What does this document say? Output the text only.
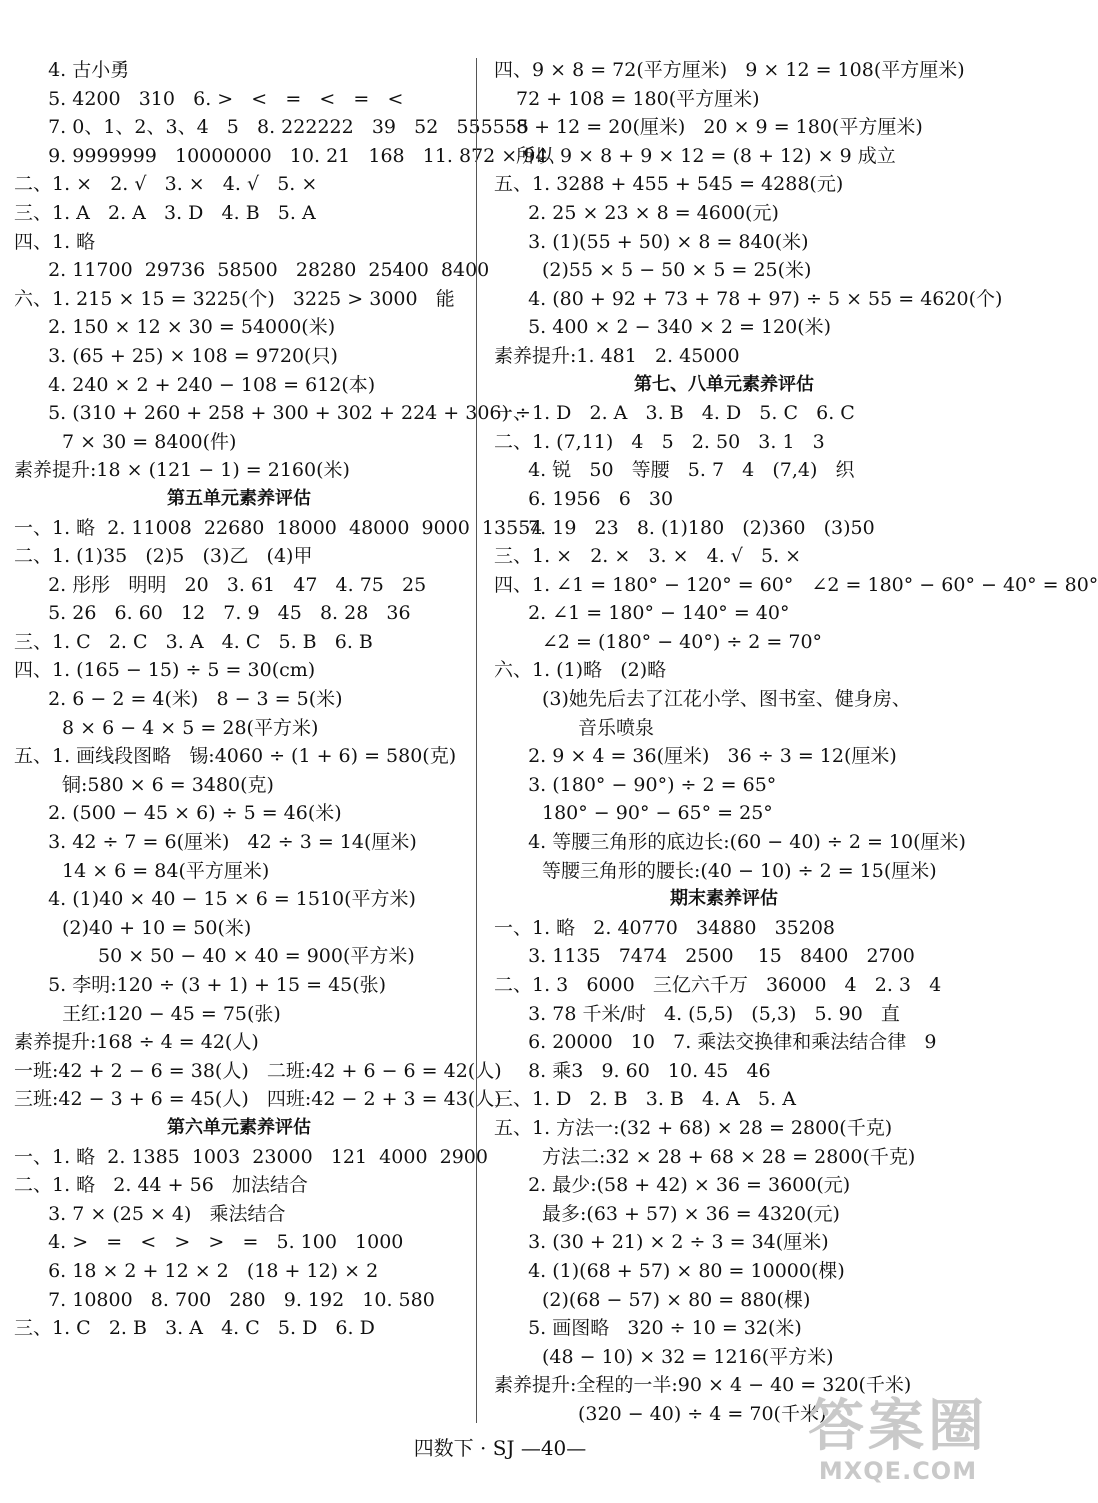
4. 古小勇
5. 4200   310   6. >   <   =   <   =   <
7. 0、1、2、3、4   5   8. 222222   39   52   555555
9. 9999999   10000000   10. 21   168   11. 872 × 94
二、1. ×   2. √   3. ×   4. √   5. ×
三、1. A   2. A   3. D   4. B   5. A
四、1. 略
2. 11700  29736  58500   28280  25400  8400
六、1. 215 × 15 = 3225(个)   3225 > 3000   能
2. 150 × 12 × 30 = 54000(米)
3. (65 + 25) × 108 = 9720(只)
4. 240 × 2 + 240 − 108 = 612(本)
5. (310 + 260 + 258 + 300 + 302 + 224 + 306) ÷
7 × 30 = 8400(件)
素养提升:18 × (121 − 1) = 2160(米)
第五单元素养评估
一、1. 略  2. 11008  22680  18000  48000  9000  13554
二、1. (1)35   (2)5   (3)乙   (4)甲
2. 彤彤   明明   20   3. 61   47   4. 75   25
5. 26   6. 60   12   7. 9   45   8. 28   36
三、1. C   2. C   3. A   4. C   5. B   6. B
四、1. (165 − 15) ÷ 5 = 30(cm)
2. 6 − 2 = 4(米)   8 − 3 = 5(米)
8 × 6 − 4 × 5 = 28(平方米)
五、1. 画线段图略   锡:4060 ÷ (1 + 6) = 580(克)
铜:580 × 6 = 3480(克)
2. (500 − 45 × 6) ÷ 5 = 46(米)
3. 42 ÷ 7 = 6(厘米)   42 ÷ 3 = 14(厘米)
14 × 6 = 84(平方厘米)
4. (1)40 × 40 − 15 × 6 = 1510(平方米)
(2)40 + 10 = 50(米)
50 × 50 − 40 × 40 = 900(平方米)
5. 李明:120 ÷ (3 + 1) + 15 = 45(张)
王红:120 − 45 = 75(张)
素养提升:168 ÷ 4 = 42(人)
一班:42 + 2 − 6 = 38(人)   二班:42 + 6 − 6 = 42(人)
三班:42 − 3 + 6 = 45(人)   四班:42 − 2 + 3 = 43(人)
第六单元素养评估
一、1. 略  2. 1385  1003  23000   121  4000  2900
二、1. 略   2. 44 + 56   加法结合
3. 7 × (25 × 4)   乘法结合
4. >   =   <   >   >   =   5. 100   1000
6. 18 × 2 + 12 × 2   (18 + 12) × 2
7. 10800   8. 700   280   9. 192   10. 580
三、1. C   2. B   3. A   4. C   5. D   6. D
四、9 × 8 = 72(平方厘米)   9 × 12 = 108(平方厘米)
72 + 108 = 180(平方厘米)
8 + 12 = 20(厘米)   20 × 9 = 180(平方厘米)
所以 9 × 8 + 9 × 12 = (8 + 12) × 9 成立
五、1. 3288 + 455 + 545 = 4288(元)
2. 25 × 23 × 8 = 4600(元)
3. (1)(55 + 50) × 8 = 840(米)
(2)55 × 5 − 50 × 5 = 25(米)
4. (80 + 92 + 73 + 78 + 97) ÷ 5 × 55 = 4620(个)
5. 400 × 2 − 340 × 2 = 120(米)
素养提升:1. 481   2. 45000
第七、八单元素养评估
一、1. D   2. A   3. B   4. D   5. C   6. C
二、1. (7,11)   4   5   2. 50   3. 1   3
4. 锐   50   等腰   5. 7   4   (7,4)   织
6. 1956   6   30
7. 19   23   8. (1)180   (2)360   (3)50
三、1. ×   2. ×   3. ×   4. √   5. ×
四、1. ∠1 = 180° − 120° = 60°   ∠2 = 180° − 60° − 40° = 80°
2. ∠1 = 180° − 140° = 40°
∠2 = (180° − 40°) ÷ 2 = 70°
六、1. (1)略   (2)略
(3)她先后去了江花小学、图书室、健身房、
音乐喷泉
2. 9 × 4 = 36(厘米)   36 ÷ 3 = 12(厘米)
3. (180° − 90°) ÷ 2 = 65°
180° − 90° − 65° = 25°
4. 等腰三角形的底边长:(60 − 40) ÷ 2 = 10(厘米)
等腰三角形的腰长:(40 − 10) ÷ 2 = 15(厘米)
期末素养评估
一、1. 略   2. 40770   34880   35208
3. 1135   7474   2500    15   8400   2700
二、1. 3   6000   三亿六千万   36000   4   2. 3   4
3. 78 千米/时   4. (5,5)   (5,3)   5. 90   直
6. 20000   10   7. 乘法交换律和乘法结合律   9
8. 乘3   9. 60   10. 45   46
三、1. D   2. B   3. B   4. A   5. A
五、1. 方法一:(32 + 68) × 28 = 2800(千克)
方法二:32 × 28 + 68 × 28 = 2800(千克)
2. 最少:(58 + 42) × 36 = 3600(元)
最多:(63 + 57) × 36 = 4320(元)
3. (30 + 21) × 2 ÷ 3 = 34(厘米)
4. (1)(68 + 57) × 80 = 10000(棵)
(2)(68 − 57) × 80 = 880(棵)
5. 画图略   320 ÷ 10 = 32(米)
(48 − 10) × 32 = 1216(平方米)
素养提升:全程的一半:90 × 4 − 40 = 320(千米)
(320 − 40) ÷ 4 = 70(千米)
四数下 · SJ —40—	答案圈
MXQE.COM
